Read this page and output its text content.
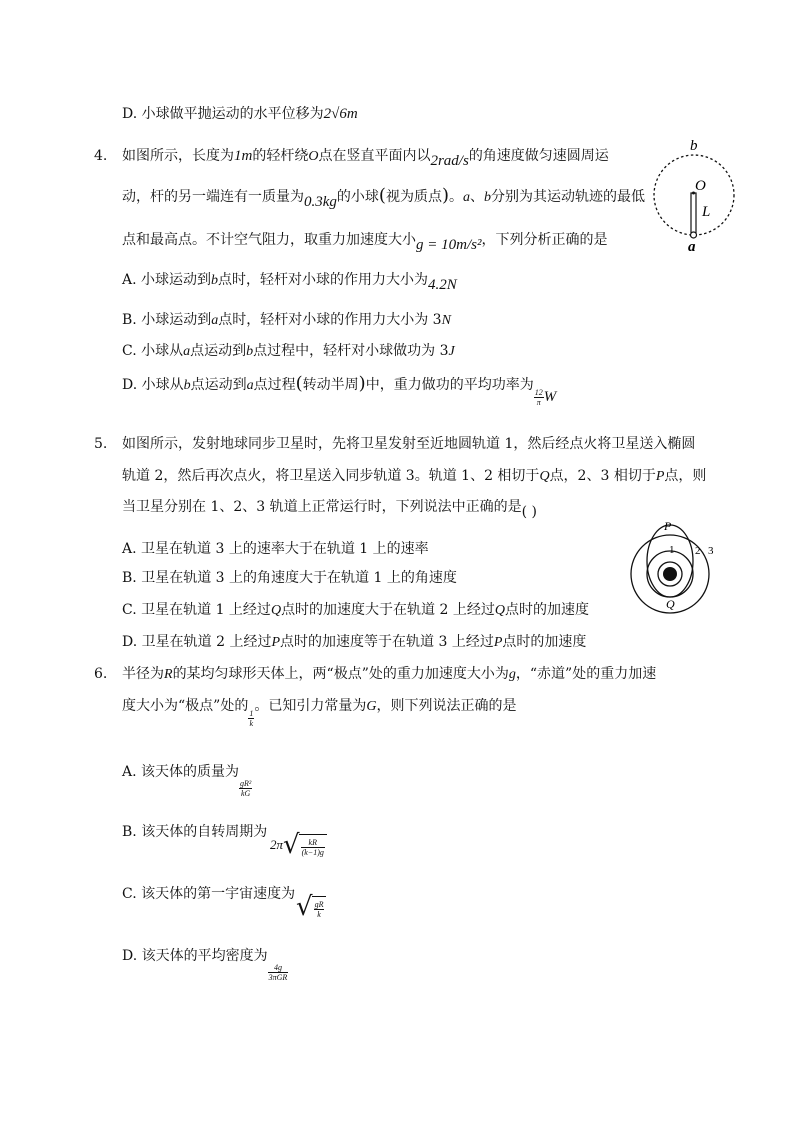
D. 小球做平抛运动的水平位移为2√6m
4. 如图所示，长度为1m的轻杆绕O点在竖直平面内以2rad/s的角速度做匀速圆周运
动，杆的另一端连有一质量为0.3kg的小球(视为质点)。a、b分别为其运动轨迹的最低
点和最高点。不计空气阻力，取重力加速度大小g = 10m/s²，下列分析正确的是
A. 小球运动到b点时，轻杆对小球的作用力大小为4.2N
B. 小球运动到a点时，轻杆对小球的作用力大小为 3N
C. 小球从a点运动到b点过程中，轻杆对小球做功为 3J
D. 小球从b点运动到a点过程(转动半周)中，重力做功的平均功率为
$\frac{12}{\pi}$ W
b
O
L
a
5. 如图所示，发射地球同步卫星时，先将卫星发射至近地圆轨道 1，然后经点火将卫星送入椭圆
轨道 2，然后再次点火，将卫星送入同步轨道 3。轨道 1、2 相切于Q点，2、3 相切于P点，则
当卫星分别在 1、2、3 轨道上正常运行时，下列说法中正确的是( )
A. 卫星在轨道 3 上的速率大于在轨道 1 上的速率
B. 卫星在轨道 3 上的角速度大于在轨道 1 上的角速度
C. 卫星在轨道 1 上经过Q点时的加速度大于在轨道 2 上经过Q点时的加速度
D. 卫星在轨道 2 上经过P点时的加速度等于在轨道 3 上经过P点时的加速度
P
1 2 3
Q
6. 半径为R的某均匀球形天体上，两“极点”处的重力加速度大小为g，“赤道”处的重力加速
度大小为“极点”处的
$\frac{1}{k}$
。已知引力常量为G，则下列说法正确的是
A. 该天体的质量为
$\frac{\text{gR²}}{kG}$
B. 该天体的自转周期为
2π √ $\frac{kR}{(k-1)g}$
C. 该天体的第一宇宙速度为 √ $\frac{gR}{k}$
D. 该天体的平均密度为
$\frac{4g}{\text{3πGR}}$
